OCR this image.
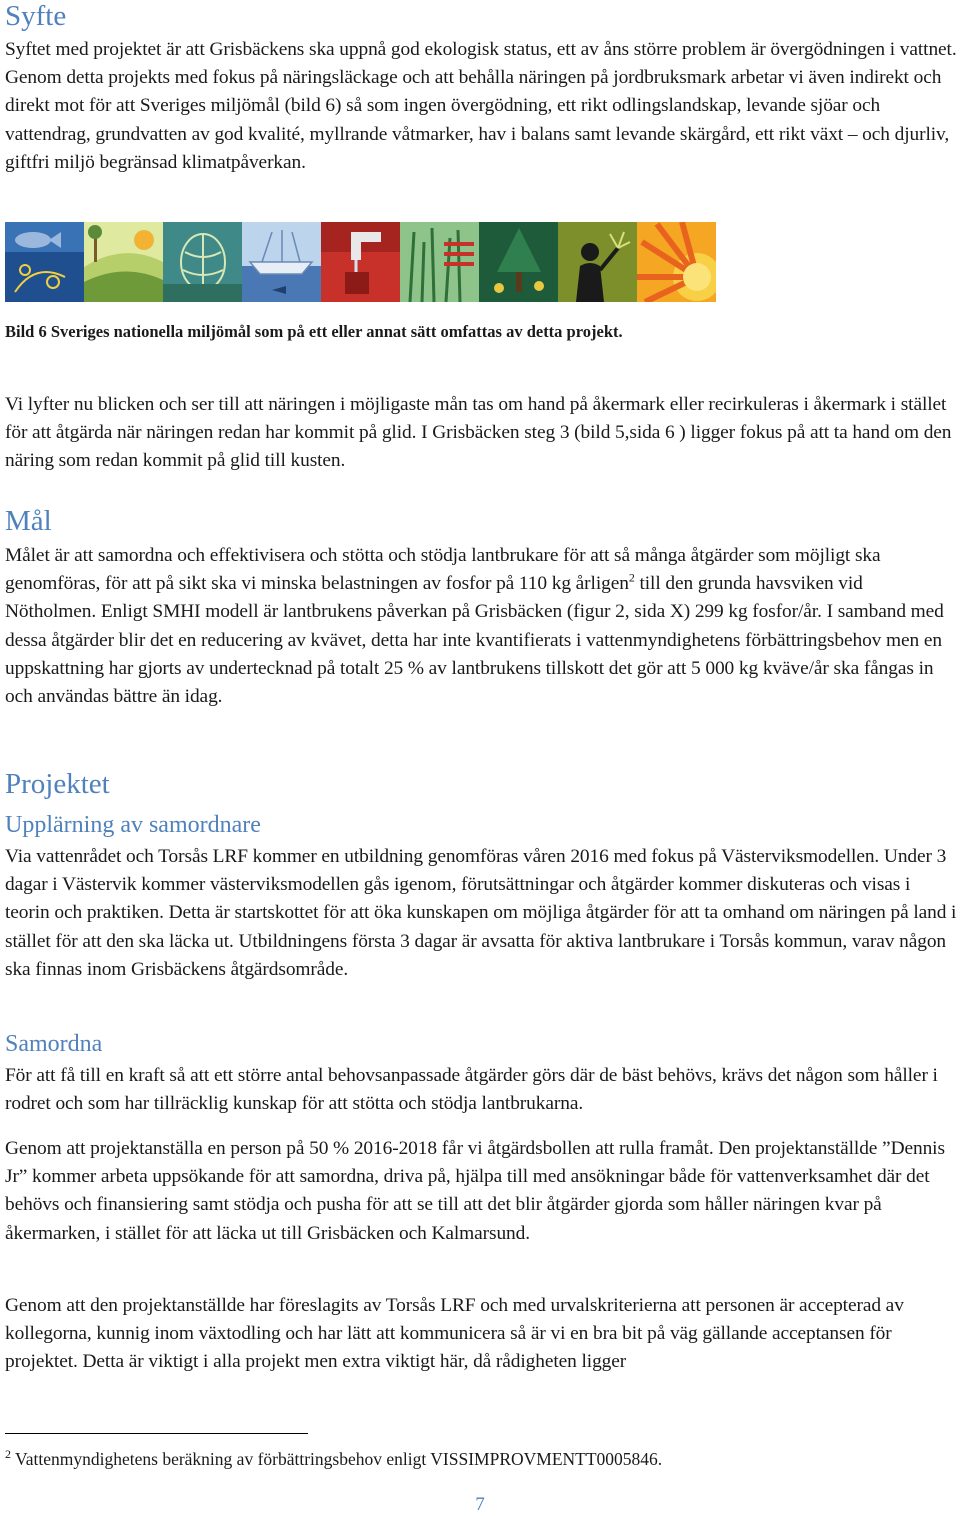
Syfte

Syftet med projektet är att Grisbäckens ska uppnå god ekologisk status, ett av åns större problem är övergödningen i vattnet. Genom detta projekts med fokus på näringsläckage och att behålla näringen på jordbruksmark arbetar vi även indirekt och direkt mot för att Sveriges miljömål (bild 6) så som ingen övergödning, ett rikt odlingslandskap, levande sjöar och vattendrag, grundvatten av god kvalité, myllrande våtmarker, hav i balans samt levande skärgård, ett rikt växt – och djurliv, giftfri miljö begränsad klimatpåverkan.

Bild 6 Sveriges nationella miljömål som på ett eller annat sätt omfattas av detta projekt.

Vi lyfter nu blicken och ser till att näringen i möjligaste mån tas om hand på åkermark eller recirkuleras i åkermark i stället för att åtgärda när näringen redan har kommit på glid. I Grisbäcken steg 3 (bild 5,sida 6 ) ligger fokus på att ta hand om den näring som redan kommit på glid till kusten.

Mål

Målet är att samordna och effektivisera och stötta och stödja lantbrukare för att så många åtgärder som möjligt ska genomföras, för att på sikt ska vi minska belastningen av fosfor på 110 kg årligen$^2$ till den grunda havsviken vid Nötholmen. Enligt SMHI modell är lantbrukens påverkan på Grisbäcken (figur 2, sida X) 299 kg fosfor/år. I samband med dessa åtgärder blir det en reducering av kvävet, detta har inte kvantifierats i vattenmyndighetens förbättringsbehov men en uppskattning har gjorts av undertecknad på totalt 25 % av lantbrukens tillskott det gör att 5 000 kg kväve/år ska fångas in och användas bättre än idag.

Projektet
Upplärning av samordnare

Via vattenrådet och Torsås LRF kommer en utbildning genomföras våren 2016 med fokus på Västerviksmodellen. Under 3 dagar i Västervik kommer västerviksmodellen gås igenom, förutsättningar och åtgärder kommer diskuteras och visas i teorin och praktiken. Detta är startskottet för att öka kunskapen om möjliga åtgärder för att ta omhand om näringen på land i stället för att den ska läcka ut. Utbildningens första 3 dagar är avsatta för aktiva lantbrukare i Torsås kommun, varav någon ska finnas inom Grisbäckens åtgärdsområde.

Samordna

För att få till en kraft så att ett större antal behovsanpassade åtgärder görs där de bäst behövs, krävs det någon som håller i rodret och som har tillräcklig kunskap för att stötta och stödja lantbrukarna.

Genom att projektanställa en person på 50 % 2016-2018 får vi åtgärdsbollen att rulla framåt. Den projektanställde ”Dennis Jr” kommer arbeta uppsökande för att samordna, driva på, hjälpa till med ansökningar både för vattenverksamhet där det behövs och finansiering samt stödja och pusha för att se till att det blir åtgärder gjorda som håller näringen kvar på åkermarken, i stället för att läcka ut till Grisbäcken och Kalmarsund.

Genom att den projektanställde har föreslagits av Torsås LRF och med urvalskriterierna att personen är accepterad av kollegorna, kunnig inom växtodling och har lätt att kommunicera så är vi en bra bit på väg gällande acceptansen för projektet. Detta är viktigt i alla projekt men extra viktigt här, då rådigheten ligger

$^2$ Vattenmyndighetens beräkning av förbättringsbehov enligt VISSIMPROVMENTT0005846.
7
